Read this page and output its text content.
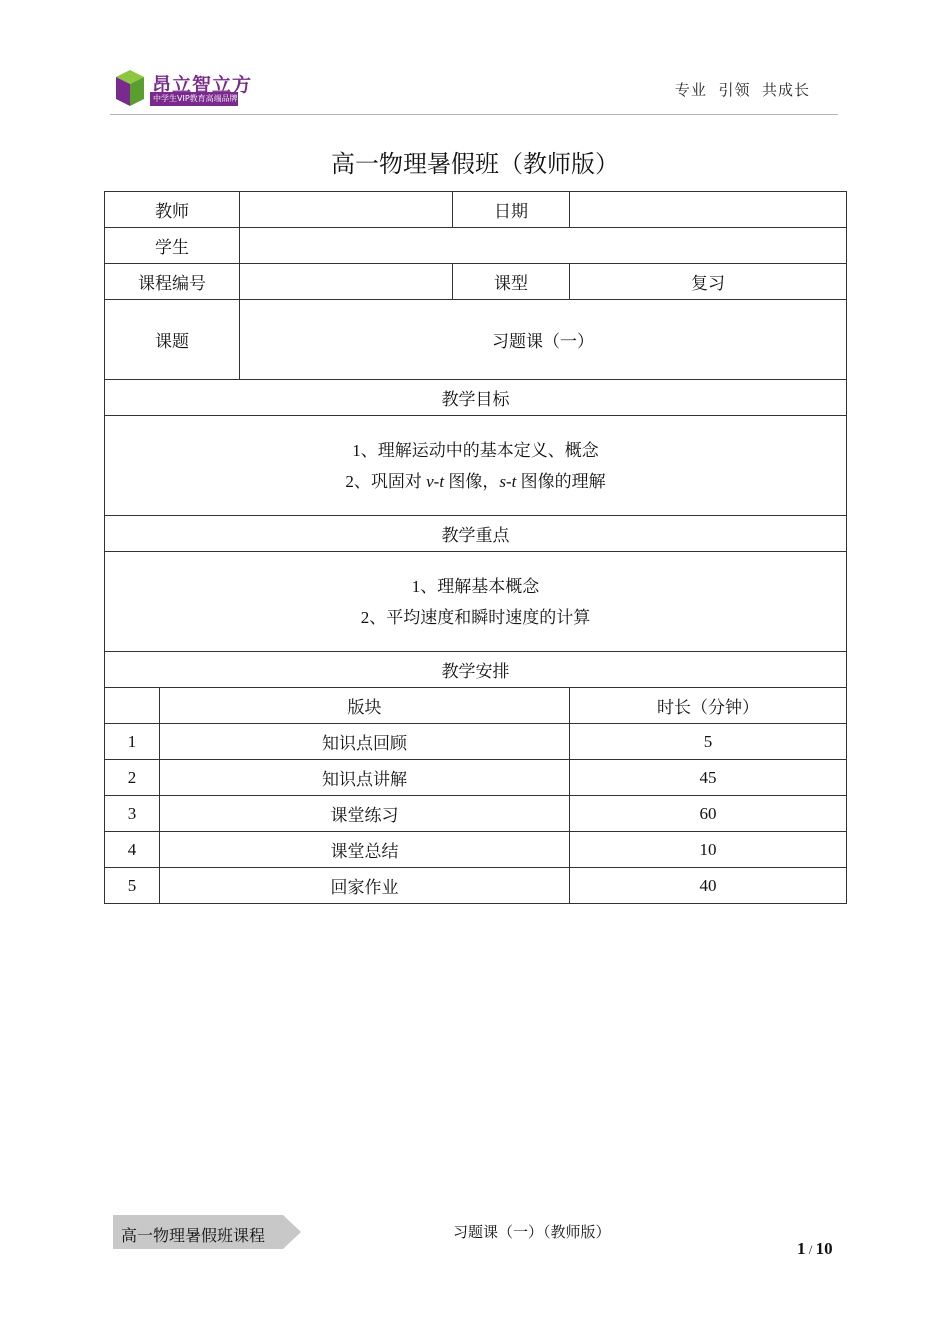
昂立智立方
中学生VIP教育高端品牌	专业  引领  共成长
高一物理暑假班（教师版）
教师			日期	
学生				
课程编号			课型	复习
课题		习题课（一）		
教学目标				

1、理解运动中的基本定义、概念
2、巩固对 v-t 图像，s-t 图像的理解				

教学重点				

1、理解基本概念
2、平均速度和瞬时速度的计算				

教学安排				
	版块			时长（分钟）
1	知识点回顾			5
2	知识点讲解			45
3	课堂练习			60
4	课堂总结			10
5	回家作业			40
高一物理暑假班课程	习题课（一）（教师版）
1 / 10
